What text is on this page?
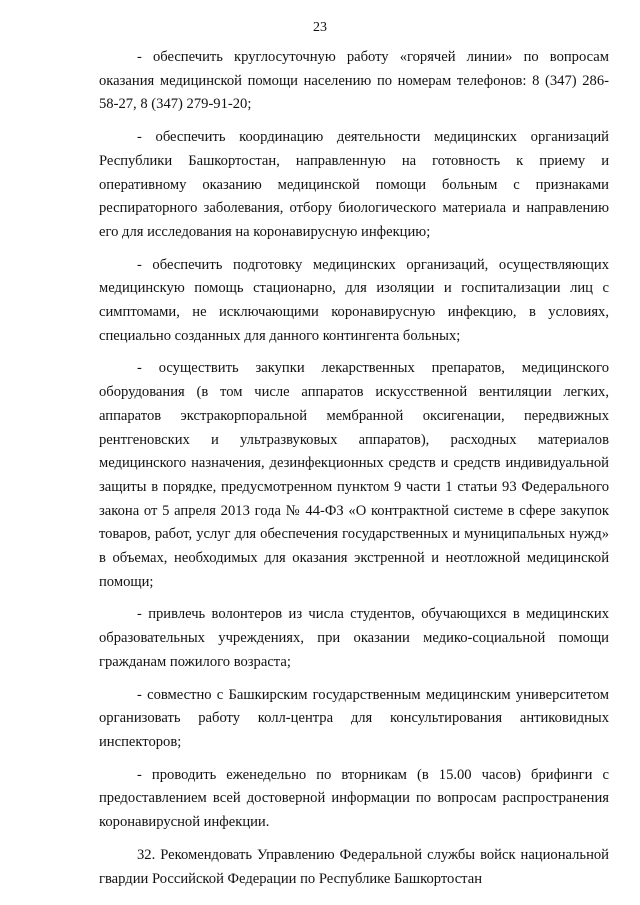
23

- обеспечить круглосуточную работу «горячей линии» по вопросам оказания медицинской помощи населению по номерам телефонов: 8 (347) 286-58-27, 8 (347) 279-91-20;

- обеспечить координацию деятельности медицинских организаций Республики Башкортостан, направленную на готовность к приему и оперативному оказанию медицинской помощи больным с признаками респираторного заболевания, отбору биологического материала и направлению его для исследования на коронавирусную инфекцию;

- обеспечить подготовку медицинских организаций, осуществляющих медицинскую помощь стационарно, для изоляции и госпитализации лиц с симптомами, не исключающими коронавирусную инфекцию, в условиях, специально созданных для данного контингента больных;

- осуществить закупки лекарственных препаратов, медицинского оборудования (в том числе аппаратов искусственной вентиляции легких, аппаратов экстракорпоральной мембранной оксигенации, передвижных рентгеновских и ультразвуковых аппаратов), расходных материалов медицинского назначения, дезинфекционных средств и средств индивидуальной защиты в порядке, предусмотренном пунктом 9 части 1 статьи 93 Федерального закона от 5 апреля 2013 года № 44-ФЗ «О контрактной системе в сфере закупок товаров, работ, услуг для обеспечения государственных и муниципальных нужд» в объемах, необходимых для оказания экстренной и неотложной медицинской помощи;

- привлечь волонтеров из числа студентов, обучающихся в медицинских образовательных учреждениях, при оказании медико-социальной помощи гражданам пожилого возраста;

- совместно с Башкирским государственным медицинским университетом организовать работу колл-центра для консультирования антиковидных инспекторов;

- проводить еженедельно по вторникам (в 15.00 часов) брифинги с предоставлением всей достоверной информации по вопросам распространения коронавирусной инфекции.

32. Рекомендовать Управлению Федеральной службы войск национальной гвардии Российской Федерации по Республике Башкортостан
